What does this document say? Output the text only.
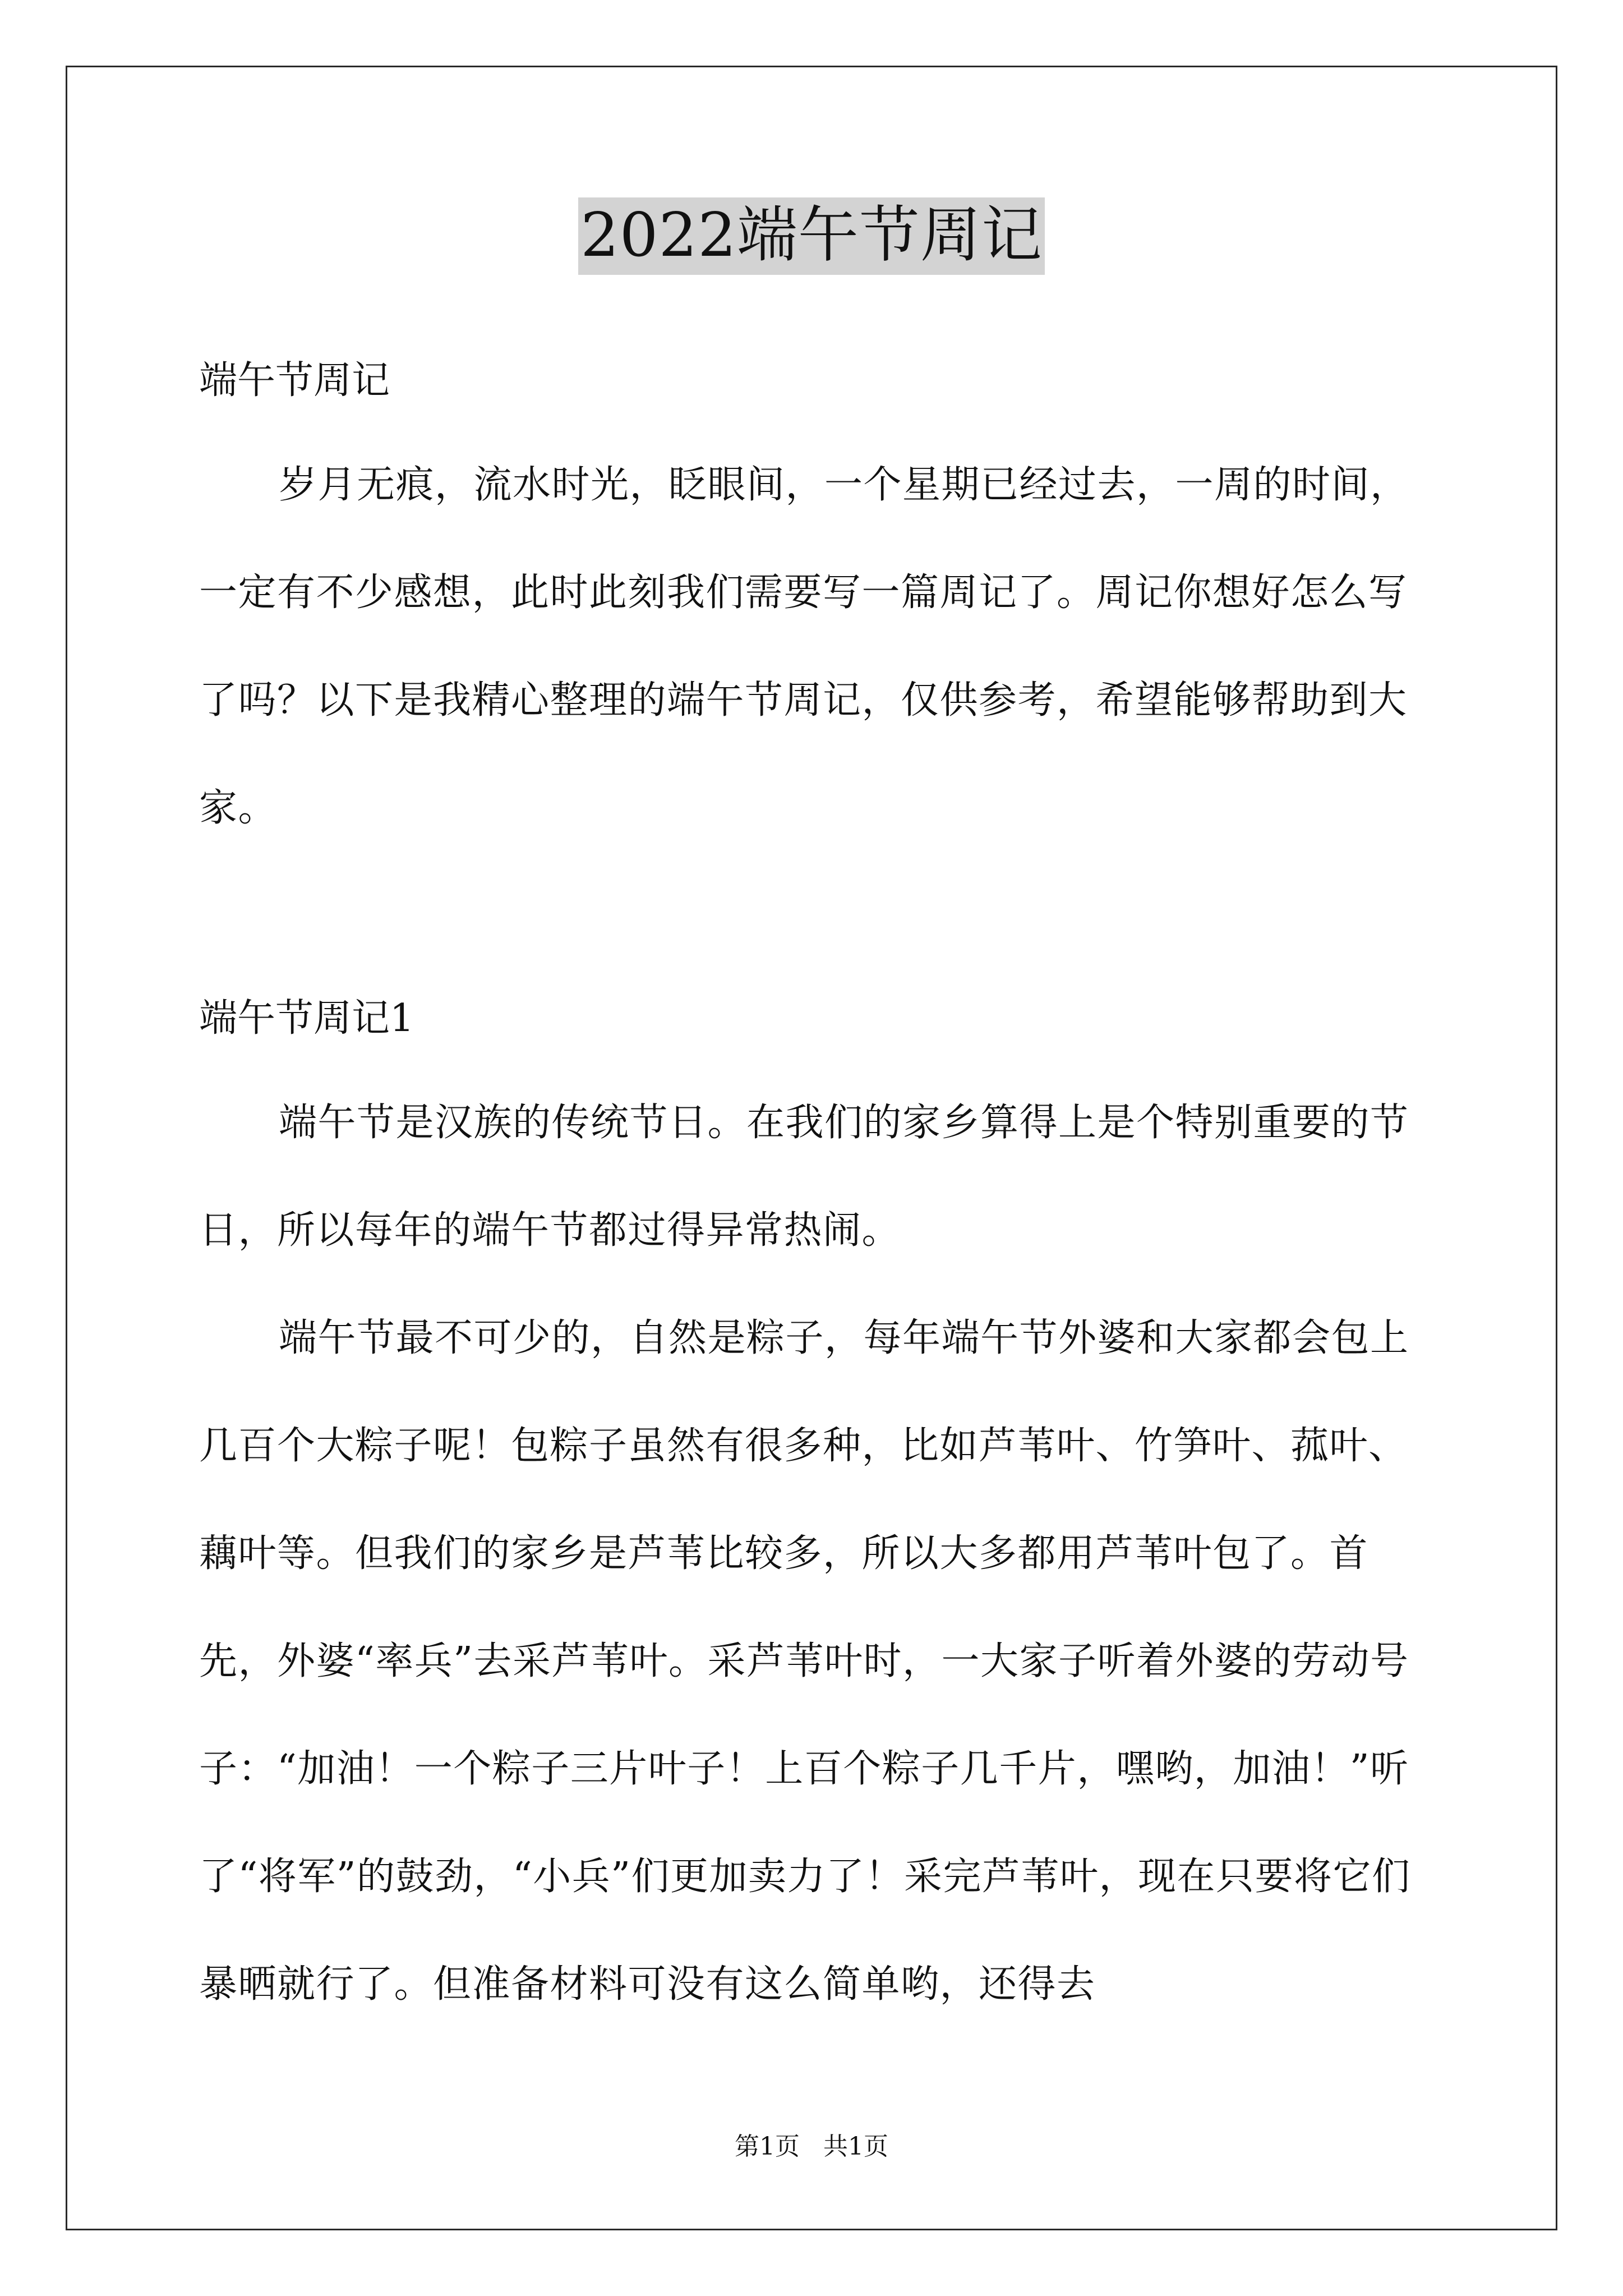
2022端午节周记
端午节周记

岁月无痕，流水时光，眨眼间，一个星期已经过去，一周的时间，一定有不少感想，此时此刻我们需要写一篇周记了。周记你想好怎么写了吗？以下是我精心整理的端午节周记，仅供参考，希望能够帮助到大家。

端午节周记1

端午节是汉族的传统节日。在我们的家乡算得上是个特别重要的节日，所以每年的端午节都过得异常热闹。

端午节最不可少的，自然是粽子，每年端午节外婆和大家都会包上几百个大粽子呢！包粽子虽然有很多种，比如芦苇叶、竹笋叶、菰叶、藕叶等。但我们的家乡是芦苇比较多，所以大多都用芦苇叶包了。首先，外婆“率兵”去采芦苇叶。采芦苇叶时，一大家子听着外婆的劳动号子：“加油！一个粽子三片叶子！上百个粽子几千片，嘿哟，加油！”听了“将军”的鼓劲，“小兵”们更加卖力了！采完芦苇叶，现在只要将它们暴晒就行了。但准备材料可没有这么简单哟，还得去

第1页   共1页
